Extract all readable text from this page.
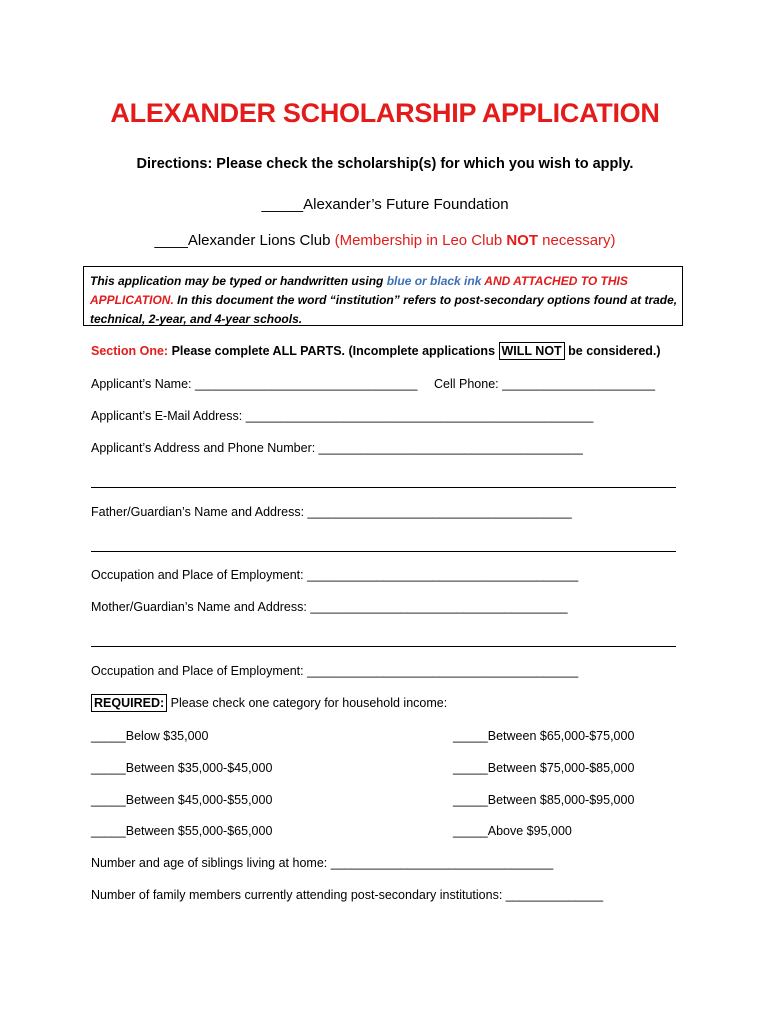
ALEXANDER SCHOLARSHIP APPLICATION
Directions: Please check the scholarship(s) for which you wish to apply.
_____Alexander’s Future Foundation
____Alexander Lions Club (Membership in Leo Club NOT necessary)
This application may be typed or handwritten using blue or black ink AND ATTACHED TO THIS APPLICATION. In this document the word “institution” refers to post-secondary options found at trade, technical, 2-year, and 4-year schools.
Section One: Please complete ALL PARTS. (Incomplete applications WILL NOT be considered.)
Applicant’s Name: ________________________________ Cell Phone: ______________________
Applicant’s E-Mail Address: __________________________________________________
Applicant’s Address and Phone Number: ______________________________________
Father/Guardian’s Name and Address: ______________________________________
Occupation and Place of Employment: _______________________________________
Mother/Guardian’s Name and Address: _____________________________________
Occupation and Place of Employment: _______________________________________
REQUIRED: Please check one category for household income:
_____Below $35,000
_____Between $35,000-$45,000
_____Between $45,000-$55,000
_____Between $55,000-$65,000
_____Between $65,000-$75,000
_____Between $75,000-$85,000
_____Between $85,000-$95,000
_____Above $95,000
Number and age of siblings living at home: ________________________________
Number of family members currently attending post-secondary institutions: ______________
